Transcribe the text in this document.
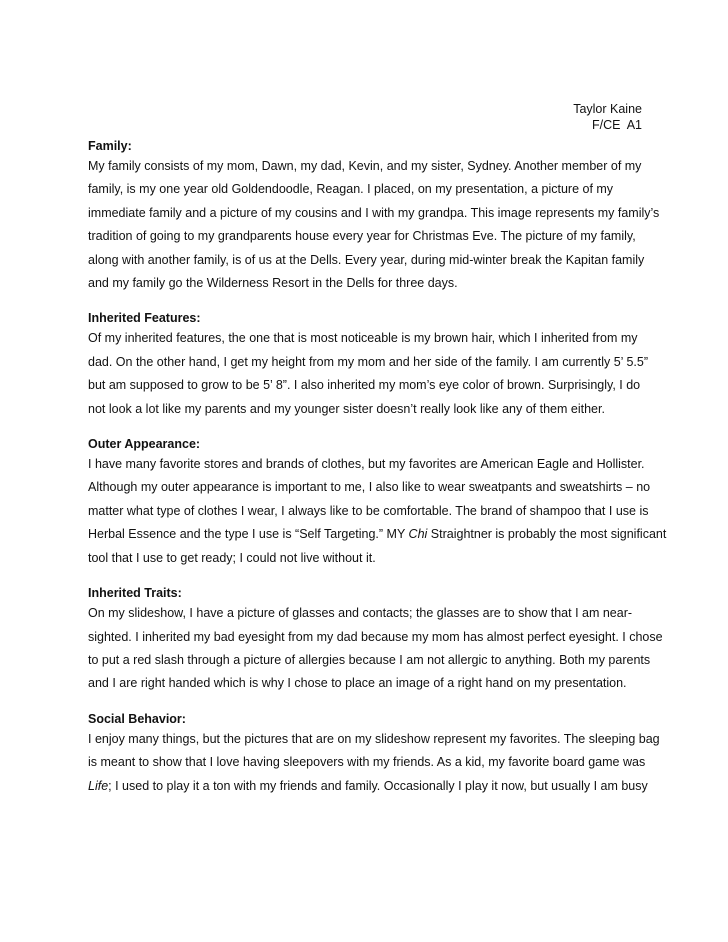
Taylor Kaine
F/CE  A1

Family:

My family consists of my mom, Dawn, my dad, Kevin, and my sister, Sydney. Another member of my
family, is my one year old Goldendoodle, Reagan. I placed, on my presentation, a picture of my
immediate family and a picture of my cousins and I with my grandpa. This image represents my family’s
tradition of going to my grandparents house every year for Christmas Eve. The picture of my family,
along with another family, is of us at the Dells. Every year, during mid-winter break the Kapitan family
and my family go the Wilderness Resort in the Dells for three days.

Inherited Features:

Of my inherited features, the one that is most noticeable is my brown hair, which I inherited from my
dad. On the other hand, I get my height from my mom and her side of the family. I am currently 5’ 5.5”
but am supposed to grow to be 5’ 8”. I also inherited my mom’s eye color of brown. Surprisingly, I do
not look a lot like my parents and my younger sister doesn’t really look like any of them either.

Outer Appearance:

I have many favorite stores and brands of clothes, but my favorites are American Eagle and Hollister.
Although my outer appearance is important to me, I also like to wear sweatpants and sweatshirts – no
matter what type of clothes I wear, I always like to be comfortable. The brand of shampoo that I use is
Herbal Essence and the type I use is “Self Targeting.” MY Chi Straightner is probably the most significant
tool that I use to get ready; I could not live without it.

Inherited Traits:

On my slideshow, I have a picture of glasses and contacts; the glasses are to show that I am near-
sighted. I inherited my bad eyesight from my dad because my mom has almost perfect eyesight. I chose
to put a red slash through a picture of allergies because I am not allergic to anything. Both my parents
and I are right handed which is why I chose to place an image of a right hand on my presentation.

Social Behavior:

I enjoy many things, but the pictures that are on my slideshow represent my favorites. The sleeping bag
is meant to show that I love having sleepovers with my friends. As a kid, my favorite board game was
Life; I used to play it a ton with my friends and family. Occasionally I play it now, but usually I am busy
